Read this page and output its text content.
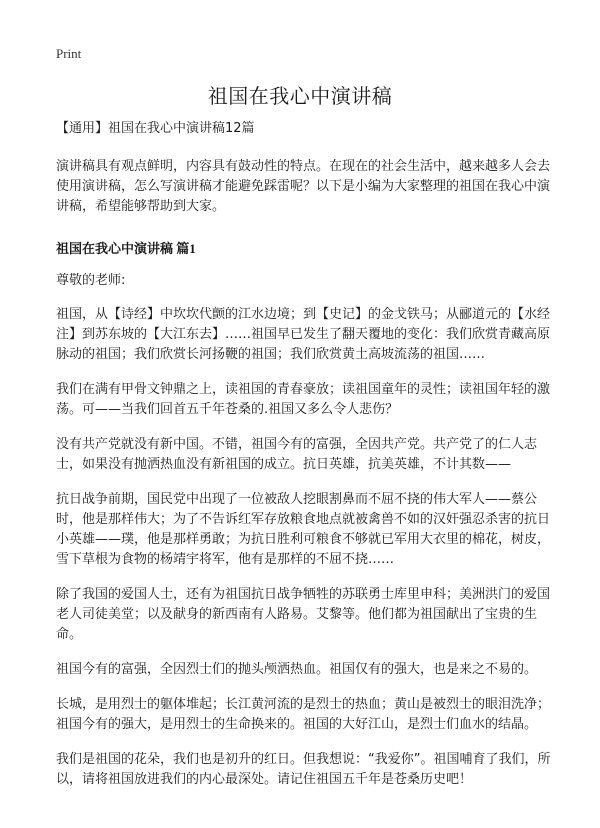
Print
祖国在我心中演讲稿

【通用】祖国在我心中演讲稿12篇

演讲稿具有观点鲜明，内容具有鼓动性的特点。在现在的社会生活中，越来越多人会去使用演讲稿，怎么写演讲稿才能避免踩雷呢？以下是小编为大家整理的祖国在我心中演讲稿，希望能够帮助到大家。

祖国在我心中演讲稿 篇1

尊敬的老师:

祖国，从【诗经】中坎坎代颤的江水边境；到【史记】的金戈铁马；从郦道元的【水经注】到苏东坡的【大江东去】……祖国早已发生了翻天覆地的变化：我们欣赏青藏高原脉动的祖国；我们欣赏长河扬鞭的祖国；我们欣赏黄土高坡流荡的祖国……

我们在满有甲骨文钟鼎之上，读祖国的青春豪放；读祖国童年的灵性；读祖国年轻的激荡。可——当我们回首五千年苍桑的.祖国又多么令人悲伤？

没有共产党就没有新中国。不错，祖国今有的富强，全因共产党。共产党了的仁人志士，如果没有抛洒热血没有新祖国的成立。抗日英雄，抗美英雄，不计其数——

抗日战争前期，国民党中出现了一位被敌人挖眼割鼻而不屈不挠的伟大军人——蔡公时，他是那样伟大；为了不告诉红军存放粮食地点就被禽兽不如的汉奸强忍杀害的抗日小英雄——璞，他是那样勇敢；为抗日胜利可粮食不够就已军用大衣里的棉花，树皮，雪下草根为食物的杨靖宇将军，他有是那样的不屈不挠……

除了我国的爱国人士，还有为祖国抗日战争牺牲的苏联勇士库里申科；美洲洪门的爱国老人司徒美堂；以及献身的新西南有人路易。艾黎等。他们都为祖国献出了宝贵的生命。

祖国今有的富强，全因烈士们的抛头颅洒热血。祖国仅有的强大，也是来之不易的。

长城，是用烈士的躯体堆起；长江黄河流的是烈士的热血；黄山是被烈士的眼泪洗净；祖国今有的强大，是用烈士的生命换来的。祖国的大好江山，是烈士们血水的结晶。

我们是祖国的花朵，我们也是初升的红日。但我想说：“我爱你”。祖国哺育了我们，所以，请将祖国放进我们的内心最深处。请记住祖国五千年是苍桑历史吧！
